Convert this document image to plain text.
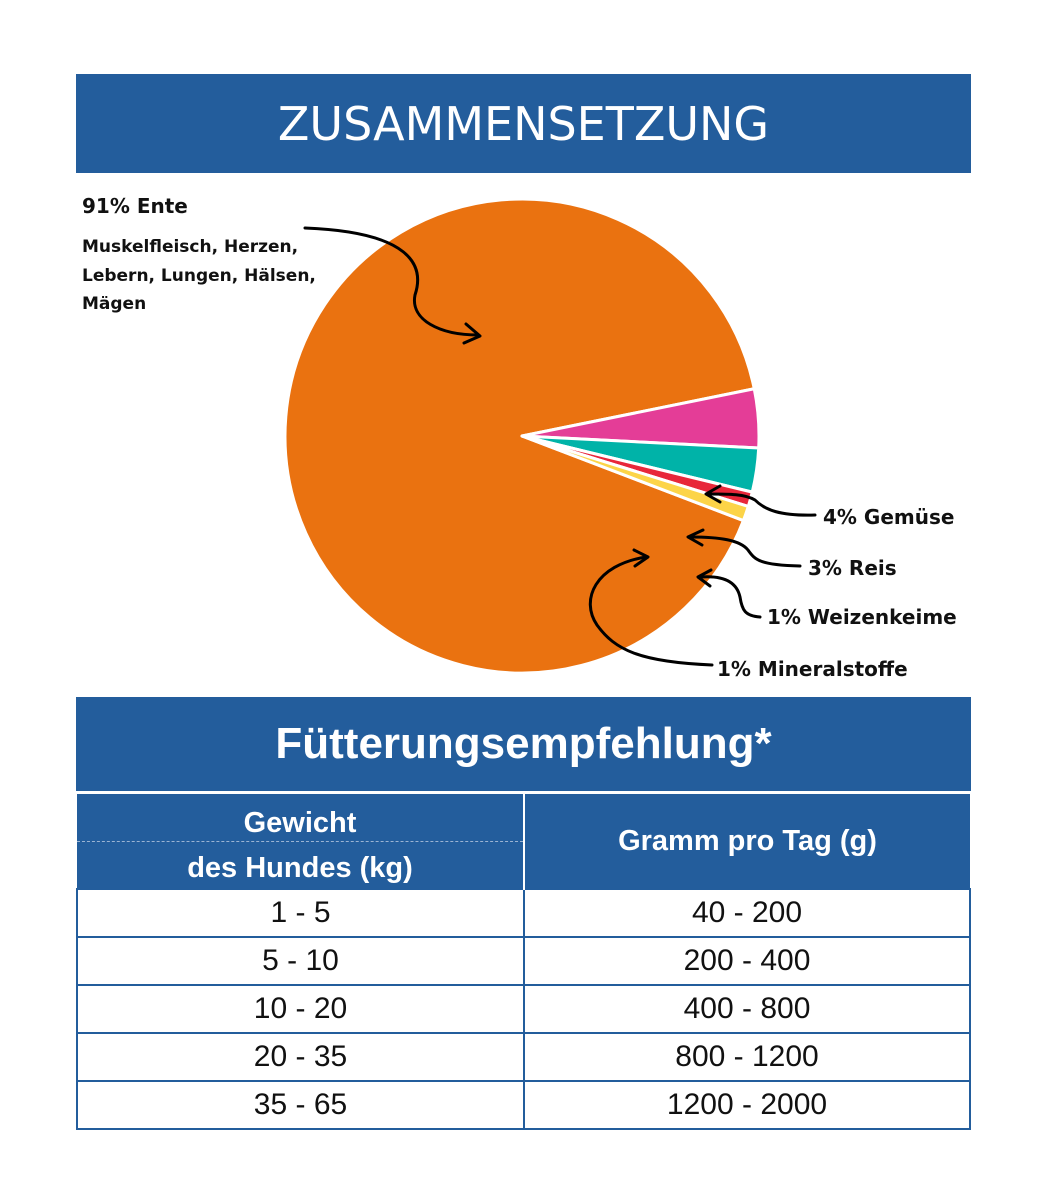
ZUSAMMENSETZUNG
91% Ente
Muskelfleisch, Herzen,
Lebern, Lungen, Hälsen,
Mägen
4% Gemüse
3% Reis
1% Weizenkeime
1% Mineralstoffe
Fütterungsempfehlung*
Gewicht
des Hundes (kg)	Gramm pro Tag (g)
1 - 5	40 - 200
5 - 10	200 - 400
10 - 20	400 - 800
20 - 35	800 - 1200
35 - 65	1200 - 2000
